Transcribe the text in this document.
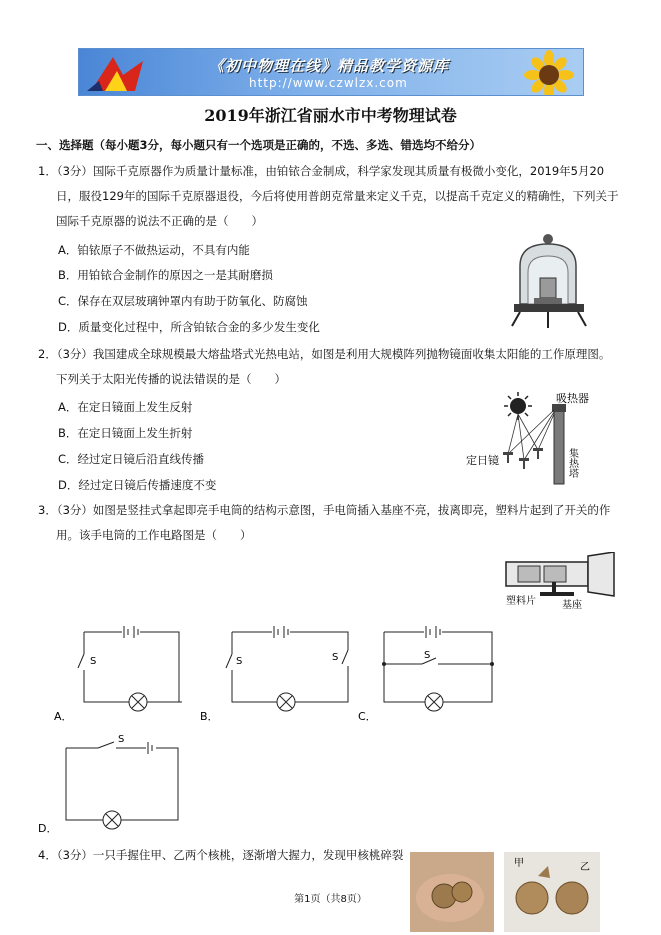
《初中物理在线》精品教学资源库
http://www.czwlzx.com
2019年浙江省丽水市中考物理试卷
一、选择题（每小题3分，每小题只有一个选项是正确的，不选、多选、错选均不给分）
1．（3分）国际千克原器作为质量计量标准，由铂铱合金制成，科学家发现其质量有极微小变化，2019年5月20
日，服役129年的国际千克原器退役，今后将使用普朗克常量来定义千克，以提高千克定义的精确性，下列关于
国际千克原器的说法不正确的是（　　）
A．铂铱原子不做热运动，不具有内能
B．用铂铱合金制作的原因之一是其耐磨损
C．保存在双层玻璃钟罩内有助于防氧化、防腐蚀
D．质量变化过程中，所含铂铱合金的多少发生变化
2．（3分）我国建成全球规模最大熔盐塔式光热电站，如图是利用大规模阵列抛物镜面收集太阳能的工作原理图。
下列关于太阳光传播的说法错误的是（　　）
A．在定日镜面上发生反射
B．在定日镜面上发生折射
C．经过定日镜后沿直线传播
D．经过定日镜后传播速度不变
吸热器
定日镜	集热塔
3．（3分）如图是竖挂式拿起即亮手电筒的结构示意图，手电筒插入基座不亮，拔离即亮，塑料片起到了开关的作
用。该手电筒的工作电路图是（　　）
塑料片	基座
S
A．
S	S
B．
S
C．
S
D．
4．（3分）一只手握住甲、乙两个核桃，逐渐增大握力，发现甲核桃碎裂
甲	乙
第1页（共8页）
